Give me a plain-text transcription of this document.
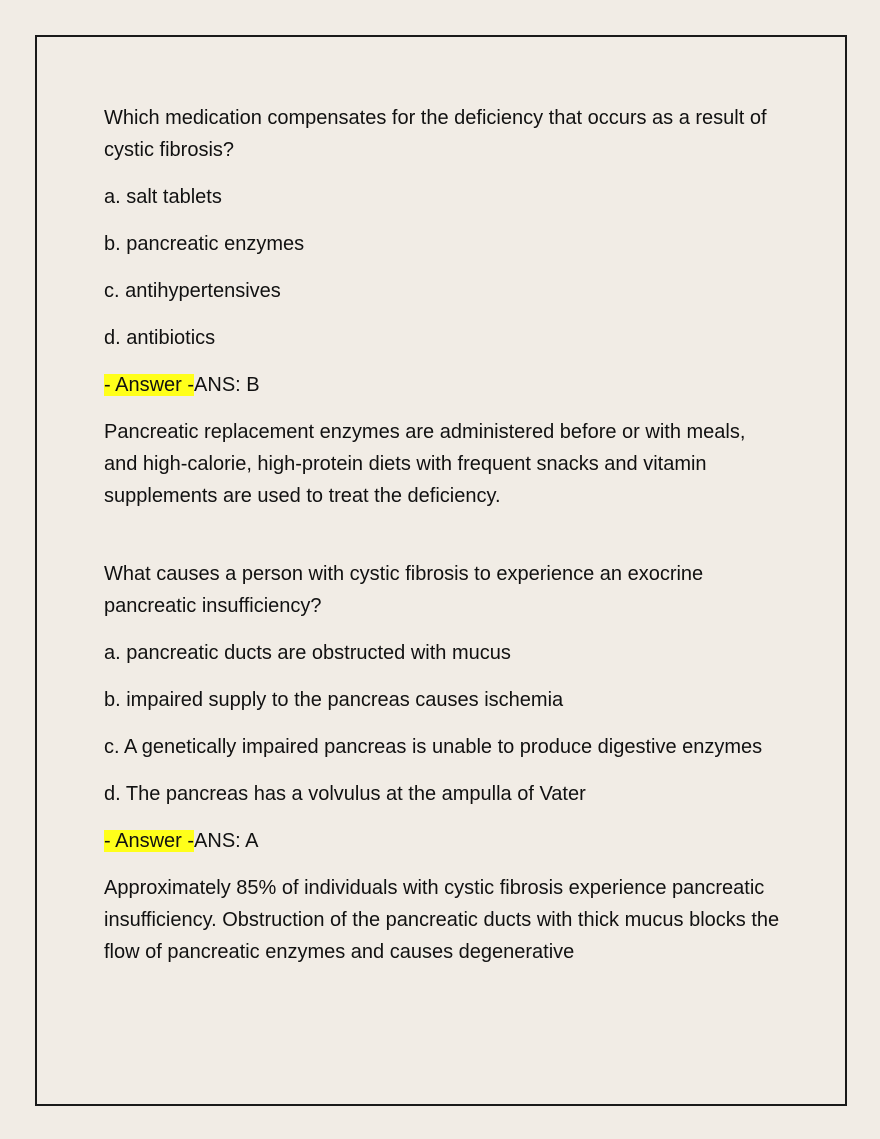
Which medication compensates for the deficiency that occurs as a result of cystic fibrosis?

a. salt tablets

b. pancreatic enzymes

c. antihypertensives

d. antibiotics

- Answer -ANS: B

Pancreatic replacement enzymes are administered before or with meals, and high-calorie, high-protein diets with frequent snacks and vitamin supplements are used to treat the deficiency.

What causes a person with cystic fibrosis to experience an exocrine pancreatic insufficiency?

a. pancreatic ducts are obstructed with mucus

b. impaired supply to the pancreas causes ischemia

c. A genetically impaired pancreas is unable to produce digestive enzymes

d. The pancreas has a volvulus at the ampulla of Vater

- Answer -ANS: A

Approximately 85% of individuals with cystic fibrosis experience pancreatic insufficiency. Obstruction of the pancreatic ducts with thick mucus blocks the flow of pancreatic enzymes and causes degenerative
